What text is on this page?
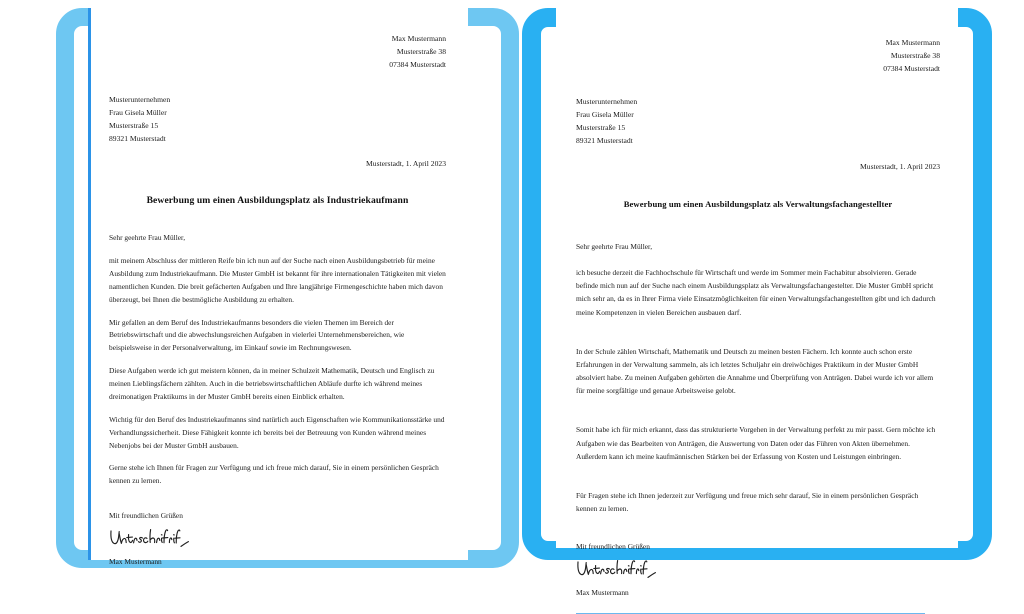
Max Mustermann
Musterstraße 38
07384 Musterstadt
Musterunternehmen
Frau Gisela Müller
Musterstraße 15
89321 Musterstadt
Musterstadt, 1. April 2023
Bewerbung um einen Ausbildungsplatz als Industriekaufmann
Sehr geehrte Frau Müller,
mit meinem Abschluss der mittleren Reife bin ich nun auf der Suche nach einen Ausbildungsbetrieb für meine Ausbildung zum Industriekaufmann. Die Muster GmbH ist bekannt für ihre internationalen Tätigkeiten mit vielen namentlichen Kunden. Die breit gefächerten Aufgaben und Ihre langjährige Firmengeschichte haben mich davon überzeugt, bei Ihnen die bestmögliche Ausbildung zu erhalten.
Mir gefallen an dem Beruf des Industriekaufmanns besonders die vielen Themen im Bereich der Betriebswirtschaft und die abwechslungsreichen Aufgaben in vielerlei Unternehmensbereichen, wie beispielsweise in der Personalverwaltung, im Einkauf sowie im Rechnungswesen.
Diese Aufgaben werde ich gut meistern können, da in meiner Schulzeit Mathematik, Deutsch und Englisch zu meinen Lieblingsfächern zählten. Auch in die betriebswirtschaftlichen Abläufe durfte ich während meines dreimonatigen Praktikums in der Muster GmbH bereits einen Einblick erhalten.
Wichtig für den Beruf des Industriekaufmanns sind natürlich auch Eigenschaften wie Kommunikationsstärke und Verhandlungssicherheit. Diese Fähigkeit konnte ich bereits bei der Betreuung von Kunden während meines Nebenjobs bei der Muster GmbH ausbauen.
Gerne stehe ich Ihnen für Fragen zur Verfügung und ich freue mich darauf, Sie in einem persönlichen Gespräch kennen zu lernen.
Mit freundlichen Grüßen
Max Mustermann
Max Mustermann
Musterstraße 38
07384 Musterstadt
Musterunternehmen
Frau Gisela Müller
Musterstraße 15
89321 Musterstadt
Musterstadt, 1. April 2023
Bewerbung um einen Ausbildungsplatz als Verwaltungsfachangestellter
Sehr geehrte Frau Müller,
ich besuche derzeit die Fachhochschule für Wirtschaft und werde im Sommer mein Fachabitur absolvieren. Gerade befinde mich nun auf der Suche nach einem Ausbildungsplatz als Verwaltungsfachangestelter. Die Muster GmbH spricht mich sehr an, da es in Ihrer Firma viele Einsatzmöglichkeiten für einen Verwaltungsfachangestellten gibt und ich dadurch meine Kompetenzen in vielen Bereichen ausbauen darf.
In der Schule zählen Wirtschaft, Mathematik und Deutsch zu meinen besten Fächern. Ich konnte auch schon erste Erfahrungen in der Verwaltung sammeln, als ich letztes Schuljahr ein dreiwöchiges Praktikum in der Muster GmbH absolviert habe. Zu meinen Aufgaben gehörten die Annahme und Überprüfung von Anträgen. Dabei wurde ich vor allem für meine sorgfältige und genaue Arbeitsweise gelobt.
Somit habe ich für mich erkannt, dass das strukturierte Vorgehen in der Verwaltung perfekt zu mir passt. Gern möchte ich Aufgaben wie das Bearbeiten von Anträgen, die Auswertung von Daten oder das Führen von Akten übernehmen. Außerdem kann ich meine kaufmännischen Stärken bei der Erfassung von Kosten und Leistungen einbringen.
Für Fragen stehe ich Ihnen jederzeit zur Verfügung und freue mich sehr darauf, Sie in einem persönlichen Gespräch kennen zu lernen.
Mit freundlichen Grüßen
Max Mustermann
